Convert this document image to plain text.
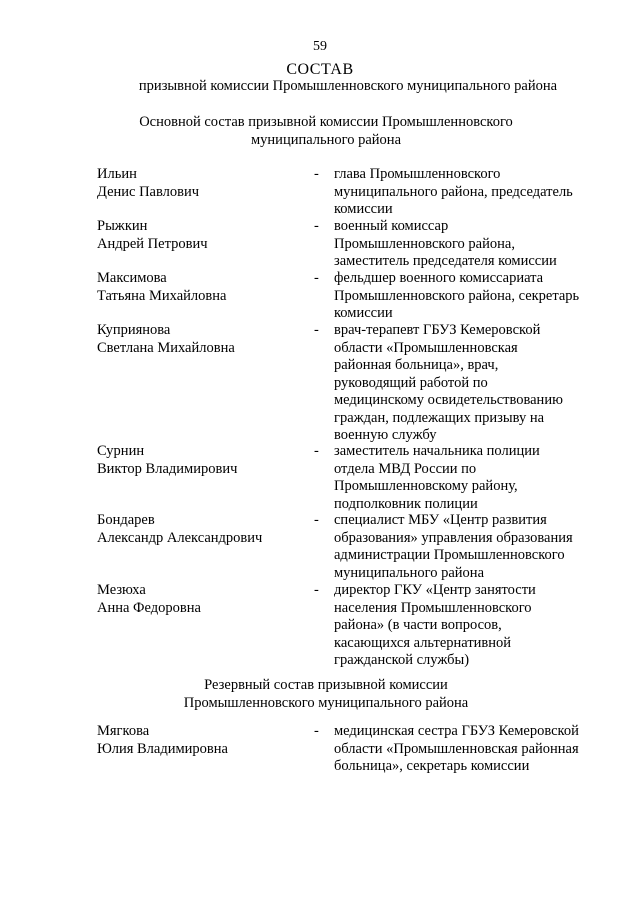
59
СОСТАВ
призывной комиссии Промышленновского муниципального района
Основной состав призывной комиссии Промышленновского
муниципального района
Ильин
Денис Павлович
- глава Промышленновского
муниципального района, председатель
комиссии
Рыжкин
Андрей Петрович
- военный комиссар
Промышленновского района,
заместитель председателя комиссии
Максимова
Татьяна Михайловна
- фельдшер военного комиссариата
Промышленновского района, секретарь
комиссии
Куприянова
Светлана Михайловна
- врач-терапевт ГБУЗ Кемеровской
области «Промышленновская
районная больница», врач,
руководящий работой по
медицинскому освидетельствованию
граждан, подлежащих призыву на
военную службу
Сурнин
Виктор Владимирович
- заместитель начальника полиции
отдела МВД России по
Промышленновскому району,
подполковник полиции
Бондарев
Александр Александрович
- специалист МБУ «Центр развития
образования» управления образования
администрации Промышленновского
муниципального района
Мезюха
Анна Федоровна
- директор ГКУ «Центр занятости
населения Промышленновского
района» (в части вопросов,
касающихся альтернативной
гражданской службы)
Резервный состав призывной комиссии
Промышленновского муниципального района
Мягкова
Юлия Владимировна
- медицинская сестра ГБУЗ Кемеровской
области «Промышленновская районная
больница», секретарь комиссии
